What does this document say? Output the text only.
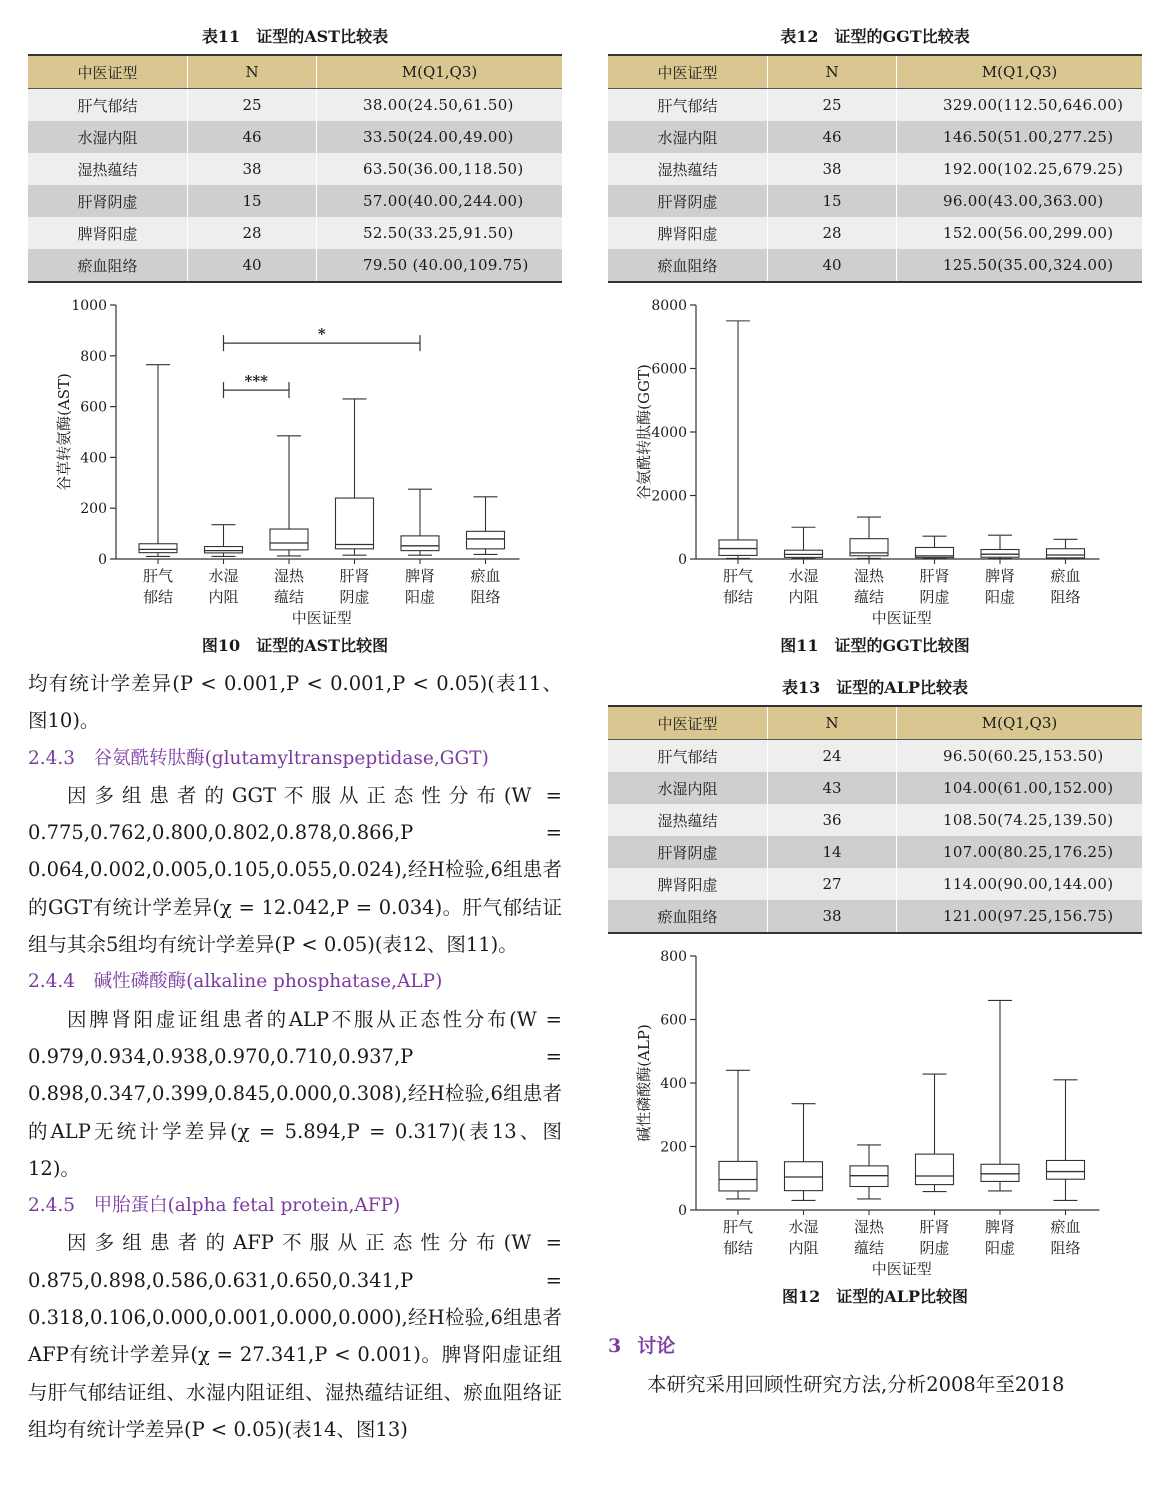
表11　证型的AST比较表
中医证型	N	M(Q1,Q3)
肝气郁结	25	38.00(24.50,61.50)
水湿内阻	46	33.50(24.00,49.00)
湿热蕴结	38	63.50(36.00,118.50)
肝肾阴虚	15	57.00(40.00,244.00)
脾肾阳虚	28	52.50(33.25,91.50)
瘀血阻络	40	79.50 (40.00,109.75)
0
200
400
600
800
1000
谷草转氨酶(AST)
肝气
郁结
水湿
内阻
湿热
蕴结
肝肾
阴虚
脾肾
阳虚
瘀血
阻络
中医证型
***
*
图10　证型的AST比较图

均有统计学差异(P < 0.001,P < 0.001,P < 0.05)(表11、图10)。

2.4.3　谷氨酰转肽酶(glutamyltranspeptidase,GGT)

因多组患者的GGT不服从正态性分布(W = 0.775,0.762,0.800,0.802,0.878,0.866,P = 0.064,0.002,0.005,0.105,0.055,0.024),经H检验,6组患者的GGT有统计学差异(χ = 12.042,P = 0.034)。肝气郁结证组与其余5组均有统计学差异(P < 0.05)(表12、图11)。

2.4.4　碱性磷酸酶(alkaline phosphatase,ALP)

因脾肾阳虚证组患者的ALP不服从正态性分布(W = 0.979,0.934,0.938,0.970,0.710,0.937,P = 0.898,0.347,0.399,0.845,0.000,0.308),经H检验,6组患者的ALP无统计学差异(χ = 5.894,P = 0.317)(表13、图12)。

2.4.5　甲胎蛋白(alpha fetal protein,AFP)

因多组患者的AFP不服从正态性分布(W = 0.875,0.898,0.586,0.631,0.650,0.341,P = 0.318,0.106,0.000,0.001,0.000,0.000),经H检验,6组患者AFP有统计学差异(χ = 27.341,P < 0.001)。脾肾阳虚证组与肝气郁结证组、水湿内阻证组、湿热蕴结证组、瘀血阻络证组均有统计学差异(P < 0.05)(表14、图13)

表12　证型的GGT比较表
中医证型	N	M(Q1,Q3)
肝气郁结	25	329.00(112.50,646.00)
水湿内阻	46	146.50(51.00,277.25)
湿热蕴结	38	192.00(102.25,679.25)
肝肾阴虚	15	96.00(43.00,363.00)
脾肾阳虚	28	152.00(56.00,299.00)
瘀血阻络	40	125.50(35.00,324.00)
0
2000
4000
6000
8000
谷氨酰转肽酶(GGT)
肝气
郁结
水湿
内阻
湿热
蕴结
肝肾
阴虚
脾肾
阳虚
瘀血
阻络
中医证型
图11　证型的GGT比较图
表13　证型的ALP比较表
中医证型	N	M(Q1,Q3)
肝气郁结	24	96.50(60.25,153.50)
水湿内阻	43	104.00(61.00,152.00)
湿热蕴结	36	108.50(74.25,139.50)
肝肾阴虚	14	107.00(80.25,176.25)
脾肾阳虚	27	114.00(90.00,144.00)
瘀血阻络	38	121.00(97.25,156.75)
0
200
400
600
800
碱性磷酸酶(ALP)
肝气
郁结
水湿
内阻
湿热
蕴结
肝肾
阴虚
脾肾
阳虚
瘀血
阻络
中医证型
图12　证型的ALP比较图
3 讨论

本研究采用回顾性研究方法,分析2008年至2018
